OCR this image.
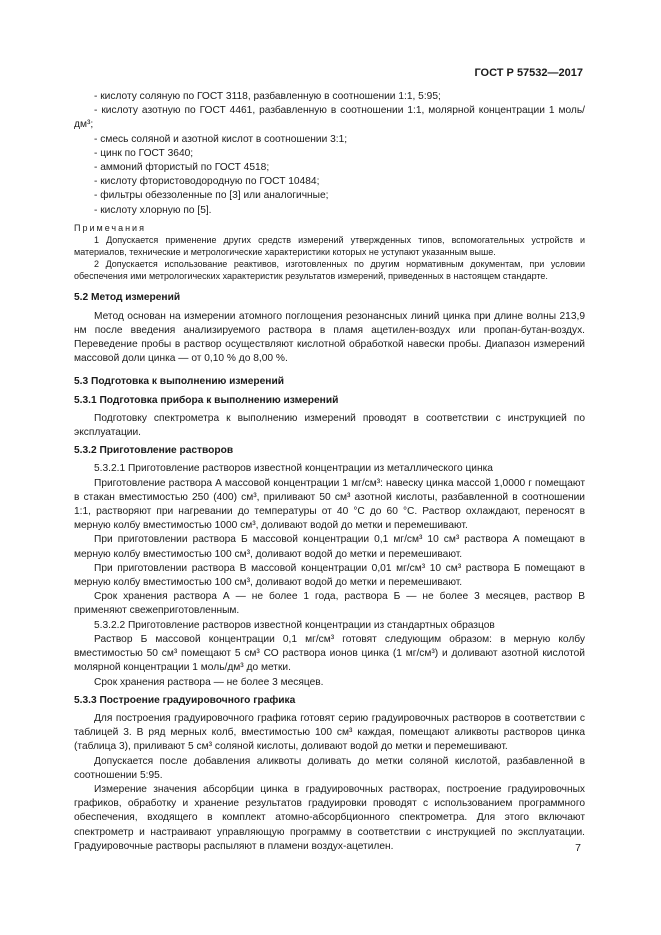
ГОСТ Р 57532—2017

- кислоту соляную по ГОСТ 3118, разбавленную в соотношении 1:1, 5:95;

- кислоту азотную по ГОСТ 4461, разбавленную в соотношении 1:1, молярной концентрации 1 моль/дм³;

- смесь соляной и азотной кислот в соотношении 3:1;

- цинк по ГОСТ 3640;

- аммоний фтористый по ГОСТ 4518;

- кислоту фтористоводородную по ГОСТ 10484;

- фильтры обеззоленные по [3] или аналогичные;

- кислоту хлорную по [5].

Примечания

1 Допускается применение других средств измерений утвержденных типов, вспомогательных устройств и материалов, технические и метрологические характеристики которых не уступают указанным выше.

2 Допускается использование реактивов, изготовленных по другим нормативным документам, при условии обеспечения ими метрологических характеристик результатов измерений, приведенных в настоящем стандарте.

5.2 Метод измерений

Метод основан на измерении атомного поглощения резонансных линий цинка при длине волны 213,9 нм после введения анализируемого раствора в пламя ацетилен-воздух или пропан-бутан-воздух. Переведение пробы в раствор осуществляют кислотной обработкой навески пробы. Диапазон измерений массовой доли цинка — от 0,10 % до 8,00 %.

5.3 Подготовка к выполнению измерений

5.3.1 Подготовка прибора к выполнению измерений

Подготовку спектрометра к выполнению измерений проводят в соответствии с инструкцией по эксплуатации.

5.3.2 Приготовление растворов

5.3.2.1 Приготовление растворов известной концентрации из металлического цинка

Приготовление раствора А массовой концентрации 1 мг/см³: навеску цинка массой 1,0000 г помещают в стакан вместимостью 250 (400) см³, приливают 50 см³ азотной кислоты, разбавленной в соотношении 1:1, растворяют при нагревании до температуры от 40 °С до 60 °С. Раствор охлаждают, переносят в мерную колбу вместимостью 1000 см³, доливают водой до метки и перемешивают.

При приготовлении раствора Б массовой концентрации 0,1 мг/см³ 10 см³ раствора А помещают в мерную колбу вместимостью 100 см³, доливают водой до метки и перемешивают.

При приготовлении раствора В массовой концентрации 0,01 мг/см³ 10 см³ раствора Б помещают в мерную колбу вместимостью 100 см³, доливают водой до метки и перемешивают.

Срок хранения раствора А — не более 1 года, раствора Б — не более 3 месяцев, раствор В применяют свежеприготовленным.

5.3.2.2 Приготовление растворов известной концентрации из стандартных образцов

Раствор Б массовой концентрации 0,1 мг/см³ готовят следующим образом: в мерную колбу вместимостью 50 см³ помещают 5 см³ СО раствора ионов цинка (1 мг/см³) и доливают азотной кислотой молярной концентрации 1 моль/дм³ до метки.

Срок хранения раствора — не более 3 месяцев.

5.3.3 Построение градуировочного графика

Для построения градуировочного графика готовят серию градуировочных растворов в соответствии с таблицей 3. В ряд мерных колб, вместимостью 100 см³ каждая, помещают аликвоты растворов цинка (таблица 3), приливают 5 см³ соляной кислоты, доливают водой до метки и перемешивают.

Допускается после добавления аликвоты доливать до метки соляной кислотой, разбавленной в соотношении 5:95.

Измерение значения абсорбции цинка в градуировочных растворах, построение градуировочных графиков, обработку и хранение результатов градуировки проводят с использованием программного обеспечения, входящего в комплект атомно-абсорбционного спектрометра. Для этого включают спектрометр и настраивают управляющую программу в соответствии с инструкцией по эксплуатации. Градуировочные растворы распыляют в пламени воздух-ацетилен.	7
